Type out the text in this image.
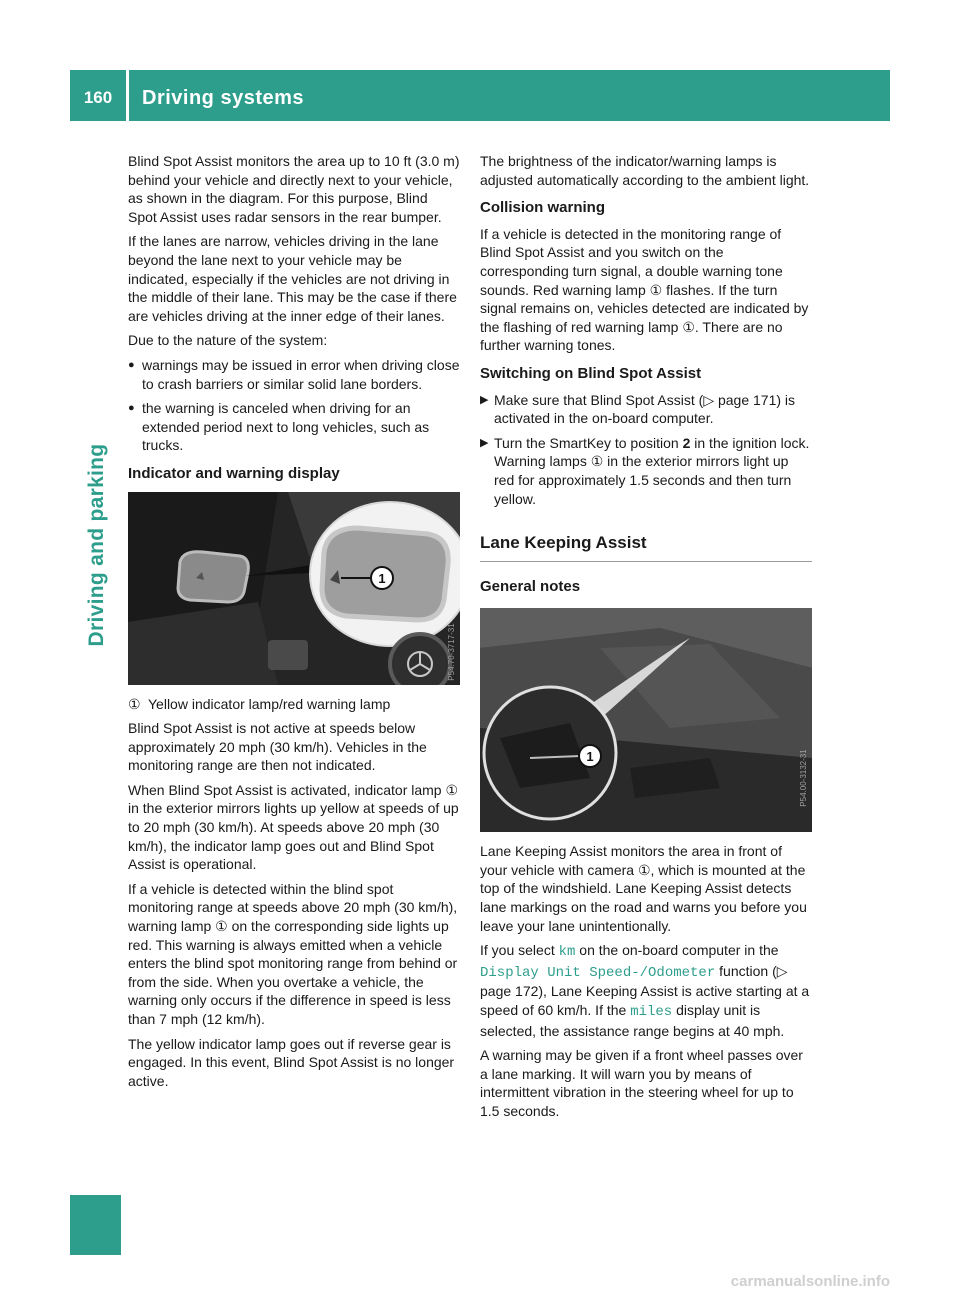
160	Driving systems
Driving and parking

Blind Spot Assist monitors the area up to 10 ft (3.0 m) behind your vehicle and directly next to your vehicle, as shown in the diagram. For this purpose, Blind Spot Assist uses radar sensors in the rear bumper.

If the lanes are narrow, vehicles driving in the lane beyond the lane next to your vehicle may be indicated, especially if the vehicles are not driving in the middle of their lane. This may be the case if there are vehicles driving at the inner edge of their lanes.

Due to the nature of the system:

● warnings may be issued in error when driving close to crash barriers or similar solid lane borders.
● the warning is canceled when driving for an extended period next to long vehicles, such as trucks.
Indicator and warning display
1
P54.70-3717-31
① Yellow indicator lamp/red warning lamp

Blind Spot Assist is not active at speeds below approximately 20 mph (30 km/h). Vehicles in the monitoring range are then not indicated.

When Blind Spot Assist is activated, indicator lamp ① in the exterior mirrors lights up yellow at speeds of up to 20 mph (30 km/h). At speeds above 20 mph (30 km/h), the indicator lamp goes out and Blind Spot Assist is operational.

If a vehicle is detected within the blind spot monitoring range at speeds above 20 mph (30 km/h), warning lamp ① on the corresponding side lights up red. This warning is always emitted when a vehicle enters the blind spot monitoring range from behind or from the side. When you overtake a vehicle, the warning only occurs if the difference in speed is less than 7 mph (12 km/h).

The yellow indicator lamp goes out if reverse gear is engaged. In this event, Blind Spot Assist is no longer active.

The brightness of the indicator/warning lamps is adjusted automatically according to the ambient light.

Collision warning

If a vehicle is detected in the monitoring range of Blind Spot Assist and you switch on the corresponding turn signal, a double warning tone sounds. Red warning lamp ① flashes. If the turn signal remains on, vehicles detected are indicated by the flashing of red warning lamp ①. There are no further warning tones.

Switching on Blind Spot Assist
▶ Make sure that Blind Spot Assist (▷ page 171) is activated in the on-board computer.
▶ Turn the SmartKey to position 2 in the ignition lock.
Warning lamps ① in the exterior mirrors light up red for approximately 1.5 seconds and then turn yellow.
Lane Keeping Assist
General notes
1	P54.00-3132-31

Lane Keeping Assist monitors the area in front of your vehicle with camera ①, which is mounted at the top of the windshield. Lane Keeping Assist detects lane markings on the road and warns you before you leave your lane unintentionally.

If you select km on the on-board computer in the Display Unit Speed-/Odometer function (▷ page 172), Lane Keeping Assist is active starting at a speed of 60 km/h. If the miles display unit is selected, the assistance range begins at 40 mph.

A warning may be given if a front wheel passes over a lane marking. It will warn you by means of intermittent vibration in the steering wheel for up to 1.5 seconds.

carmanualsonline.info
